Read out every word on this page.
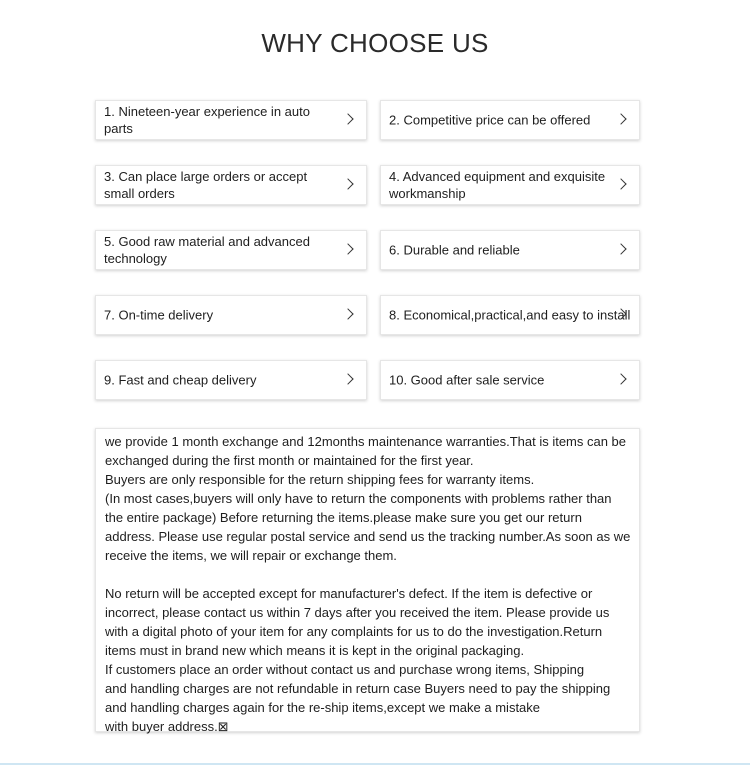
WHY CHOOSE US
1. Nineteen-year experience in auto parts
2. Competitive price can be offered
3. Can place large orders or accept
small orders
4. Advanced equipment and exquisite
workmanship
5. Good raw material and advanced
technology
6. Durable and reliable
7. On-time delivery	8. Economical,practical,and easy to install
9. Fast and cheap delivery	10. Good after sale service

we provide 1 month exchange and 12months maintenance warranties.That is items can be
exchanged during the first month or maintained for the first year.
Buyers are only responsible for the return shipping fees for warranty items.
(In most cases,buyers will only have to return the components with problems rather than
the entire package) Before returning the items.please make sure you get our return
address. Please use regular postal service and send us the tracking number.As soon as we
receive the items, we will repair or exchange them.

No return will be accepted except for manufacturer's defect. If the item is defective or
incorrect, please contact us within 7 days after you received the item. Please provide us
with a digital photo of your item for any complaints for us to do the investigation.Return
items must in brand new which means it is kept in the original packaging.
If customers place an order without contact us and purchase wrong items, Shipping
and handling charges are not refundable in return case Buyers need to pay the shipping
and handling charges again for the re-ship items,except we make a mistake
with buyer address.⊠
